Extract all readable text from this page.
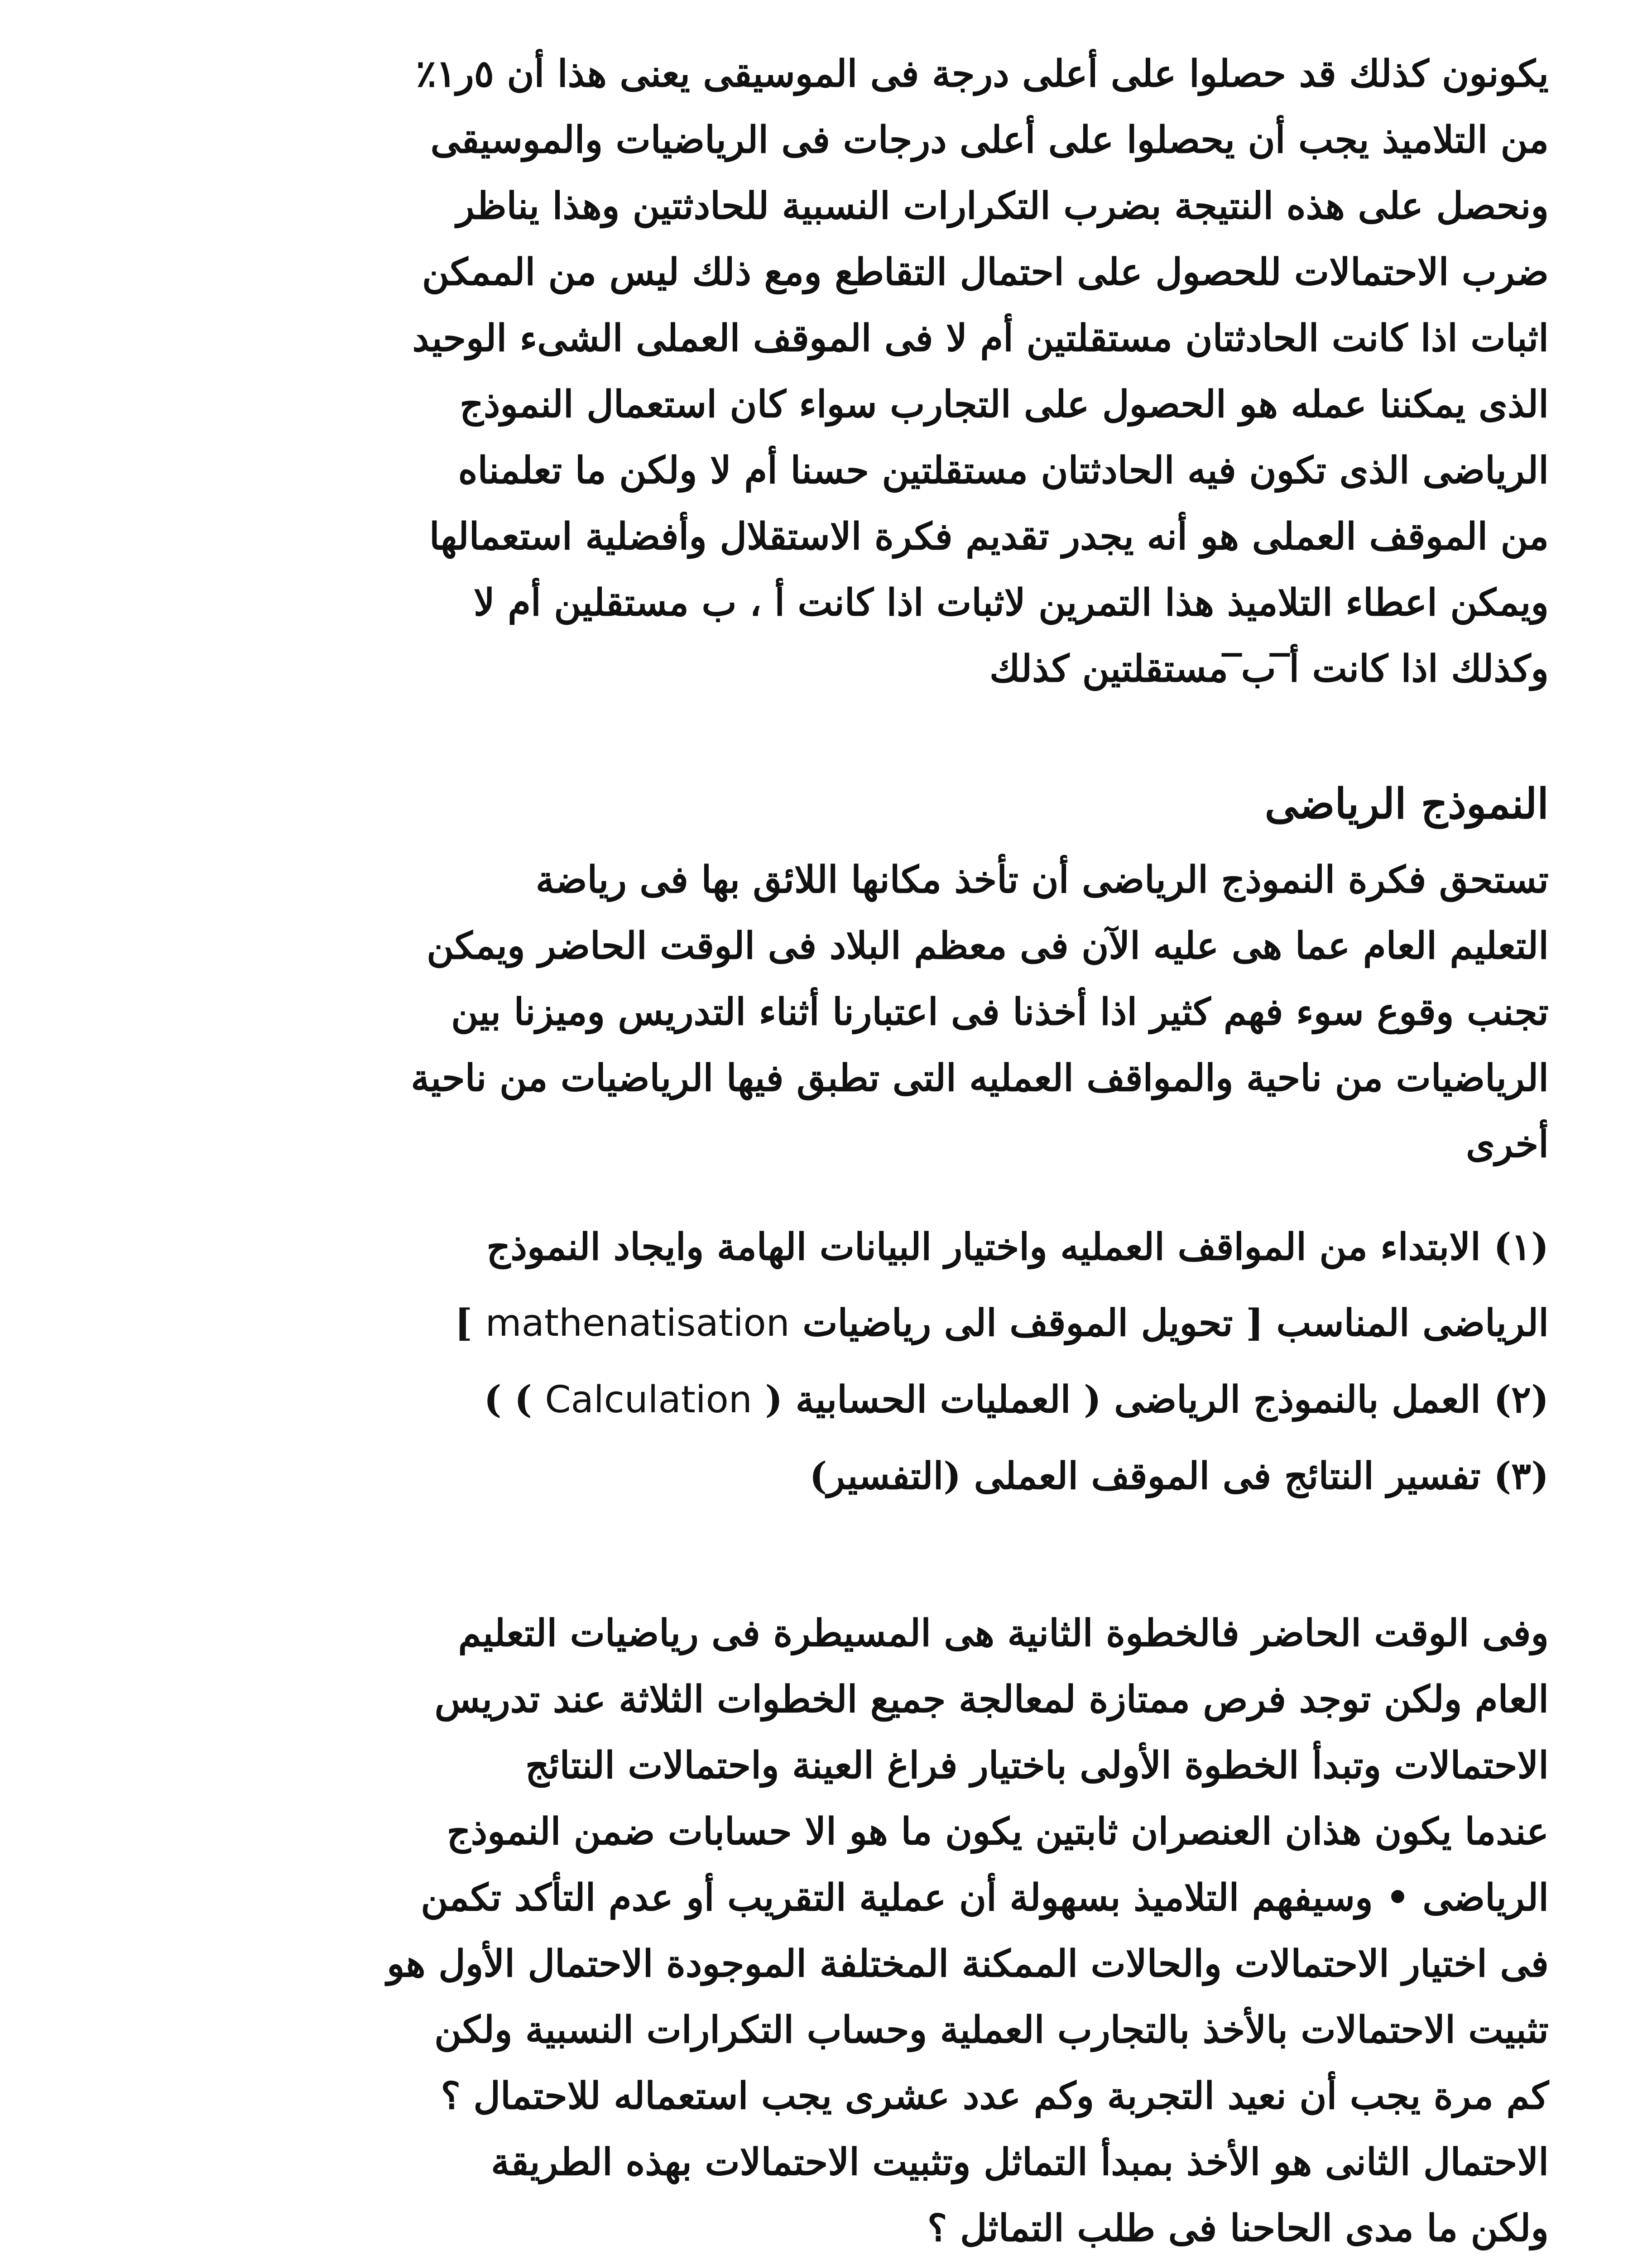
يكونون كذلك قد حصلوا على أعلى درجة فى الموسيقى يعنى هذا أن ٥ر١٪
من التلاميذ يجب أن يحصلوا على أعلى درجات فى الرياضيات والموسيقى
ونحصل على هذه النتيجة بضرب التكرارات النسبية للحادثتين وهذا يناظر
ضرب الاحتمالات للحصول على احتمال التقاطع ومع ذلك ليس من الممكن
اثبات اذا كانت الحادثتان مستقلتين أم لا فى الموقف العملى الشىء الوحيد
الذى يمكننا عمله هو الحصول على التجارب سواء كان استعمال النموذج
الرياضى الذى تكون فيه الحادثتان مستقلتين حسنا أم لا ولكن ما تعلمناه
من الموقف العملى هو أنه يجدر تقديم فكرة الاستقلال وأفضلية استعمالها
ويمكن اعطاء التلاميذ هذا التمرين لاثبات اذا كانت أ ، ب مستقلين أم لا
وكذلك اذا كانت أ̅ ب̅ مستقلتين كذلك

النموذج الرياضى

تستحق فكرة النموذج الرياضى أن تأخذ مكانها اللائق بها فى رياضة
التعليم العام عما هى عليه الآن فى معظم البلاد فى الوقت الحاضر ويمكن
تجنب وقوع سوء فهم كثير اذا أخذنا فى اعتبارنا أثناء التدريس وميزنا بين
الرياضيات من ناحية والمواقف العمليه التى تطبق فيها الرياضيات من ناحية
أخرى

(١) الابتداء من المواقف العمليه واختيار البيانات الهامة وايجاد النموذج
الرياضى المناسب [ تحويل الموقف الى رياضيات mathenatisation ]
(٢) العمل بالنموذج الرياضى ( العمليات الحسابية ( Calculation ) )
(٣) تفسير النتائج فى الموقف العملى (التفسير)

وفى الوقت الحاضر فالخطوة الثانية هى المسيطرة فى رياضيات التعليم
العام ولكن توجد فرص ممتازة لمعالجة جميع الخطوات الثلاثة عند تدريس
الاحتمالات وتبدأ الخطوة الأولى باختيار فراغ العينة واحتمالات النتائج
عندما يكون هذان العنصران ثابتين يكون ما هو الا حسابات ضمن النموذج
الرياضى • وسيفهم التلاميذ بسهولة أن عملية التقريب أو عدم التأكد تكمن
فى اختيار الاحتمالات والحالات الممكنة المختلفة الموجودة الاحتمال الأول هو
تثبيت الاحتمالات بالأخذ بالتجارب العملية وحساب التكرارات النسبية ولكن
كم مرة يجب أن نعيد التجربة وكم عدد عشرى يجب استعماله للاحتمال ؟
الاحتمال الثانى هو الأخذ بمبدأ التماثل وتثبيت الاحتمالات بهذه الطريقة
ولكن ما مدى الحاحنا فى طلب التماثل ؟
